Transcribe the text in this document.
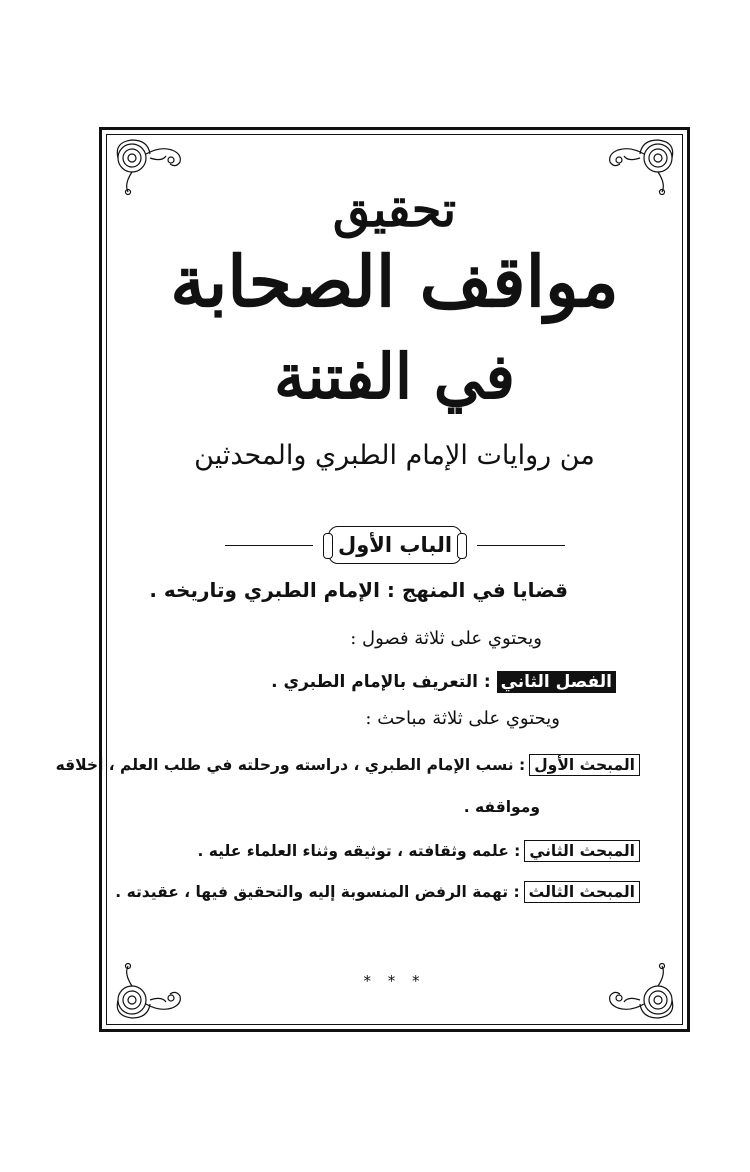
تحقيق
مواقف الصحابة
في الفتنة
من روايات الإمام الطبري والمحدثين
الباب الأول
قضايا في المنهج : الإمام الطبري وتاريخه .
ويحتوي على ثلاثة فصول :
الفصل الثاني : التعريف بالإمام الطبري .
ويحتوي على ثلاثة مباحث :
المبحث الأول: نسب الإمام الطبري ، دراسته ورحلته في طلب العلم ، أخلاقه
ومواقفه .
المبحث الثاني: علمه وثقافته ، توثيقه وثناء العلماء عليه .
المبحث الثالث: تهمة الرفض المنسوبة إليه والتحقيق فيها ، عقيدته .
* * *
